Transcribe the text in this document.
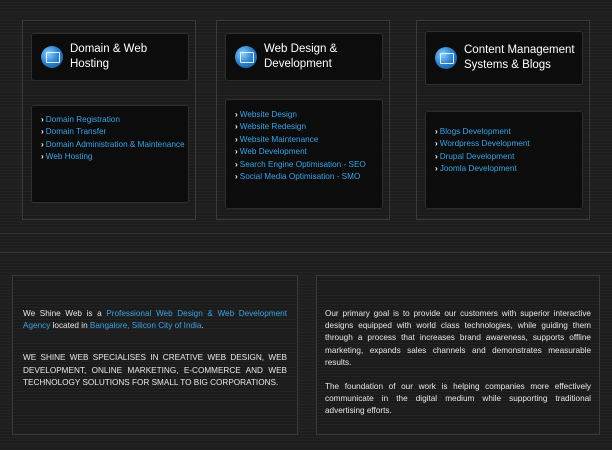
Domain & Web Hosting
› Domain Registration
› Domain Transfer
› Domain Administration & Maintenance
› Web Hosting
Web Design & Development
› Website Design
› Website Redesign
› Website Maintenance
› Web Development
› Search Engine Optimisation - SEO
› Social Media Optimisation - SMO
Content Management
Systems & Blogs
› Blogs Development
› Wordpress Development
› Drupal Development
› Joomla Development

We Shine Web is a Professional Web Design & Web Development Agency located in Bangalore, Silicon City of India.

WE SHINE WEB SPECIALISES IN CREATIVE WEB DESIGN, WEB DEVELOPMENT, ONLINE MARKETING, E-COMMERCE AND WEB TECHNOLOGY SOLUTIONS FOR SMALL TO BIG CORPORATIONS.

Our primary goal is to provide our customers with superior interactive designs equipped with world class technologies, while guiding them through a process that increases brand awareness, supports offline marketing, expands sales channels and demonstrates measurable results.

The foundation of our work is helping companies more effectively communicate in the digital medium while supporting traditional advertising efforts.
